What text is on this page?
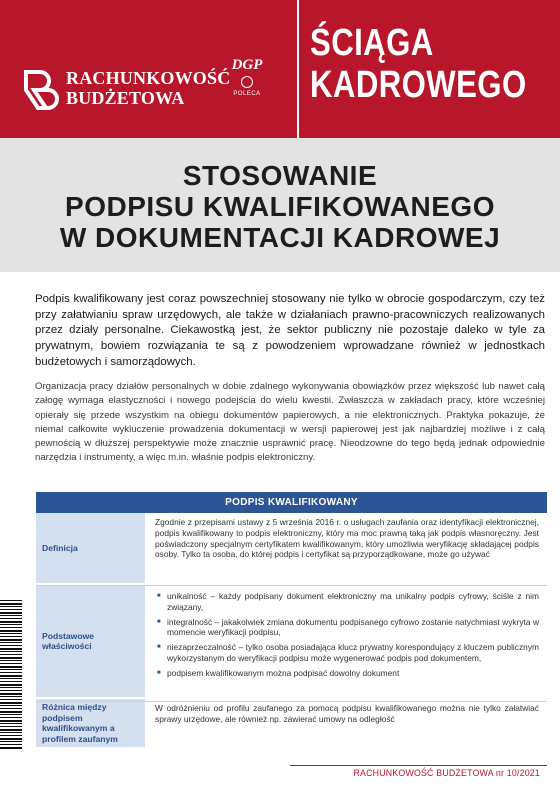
RACHUNKOWOŚĆ
BUDŻETOWA
DGP

POLECA
ŚCIĄGA
KADROWEGO
STOSOWANIE
PODPISU KWALIFIKOWANEGO
W DOKUMENTACJI KADROWEJ

Podpis kwalifikowany jest coraz powszechniej stosowany nie tylko w obrocie gospodarczym, czy też przy załatwianiu spraw urzędowych, ale także w działaniach prawno-pracowniczych realizowanych przez działy personalne. Ciekawostką jest, że sektor publiczny nie pozostaje daleko w tyle za prywatnym, bowiem rozwiązania te są z powodzeniem wprowadzane również w jednostkach budżetowych i samorządowych.

Organizacja pracy działów personalnych w dobie zdalnego wykonywania obowiązków przez większość lub nawet całą załogę wymaga elastyczności i nowego podejścia do wielu kwestii. Zwłaszcza w zakładach pracy, które wcześniej opierały się przede wszystkim na obiegu dokumentów papierowych, a nie elektronicznych. Praktyka pokazuje, że niemal całkowite wykluczenie prowadzenia dokumentacji w wersji papierowej jest jak najbardziej możliwe i z całą pewnością w dłuższej perspektywie może znacznie usprawnić pracę. Nieodzowne do tego będą jednak odpowiednie narzędzia i instrumenty, a więc m.in. właśnie podpis elektroniczny.

PODPIS KWALIFIKOWANY
Definicja
Zgodnie z przepisami ustawy z 5 września 2016 r. o usługach zaufania oraz identyfikacji elektronicznej, podpis kwalifikowany to podpis elektroniczny, który ma moc prawną taką jak podpis własnoręczny. Jest poświadczony specjalnym certyfikatem kwalifikowanym, który umożliwia weryfikację składającej podpis osoby. Tylko ta osoba, do której podpis i certyfikat są przyporządkowane, może go używać
Podstawowe właściwości
■ unikalność – każdy podpisany dokument elektroniczny ma unikalny podpis cyfrowy, ściśle z nim związany,
■ integralność – jakakolwiek zmiana dokumentu podpisanego cyfrowo zostanie natychmiast wykryta w momencie weryfikacji podpisu,
■ niezaprzeczalność – tylko osoba posiadająca klucz prywatny korespondujący z kluczem publicznym wykorzystanym do weryfikacji podpisu może wygenerować podpis pod dokumentem,
■ podpisem kwalifikowanym można podpisać dowolny dokument
Różnica między podpisem kwalifikowanym a profilem zaufanym
W odróżnieniu od profilu zaufanego za pomocą podpisu kwalifikowanego można nie tylko załatwiać sprawy urzędowe, ale również np. zawierać umowy na odległość
RACHUNKOWOŚĆ BUDŻETOWA nr 10/2021
